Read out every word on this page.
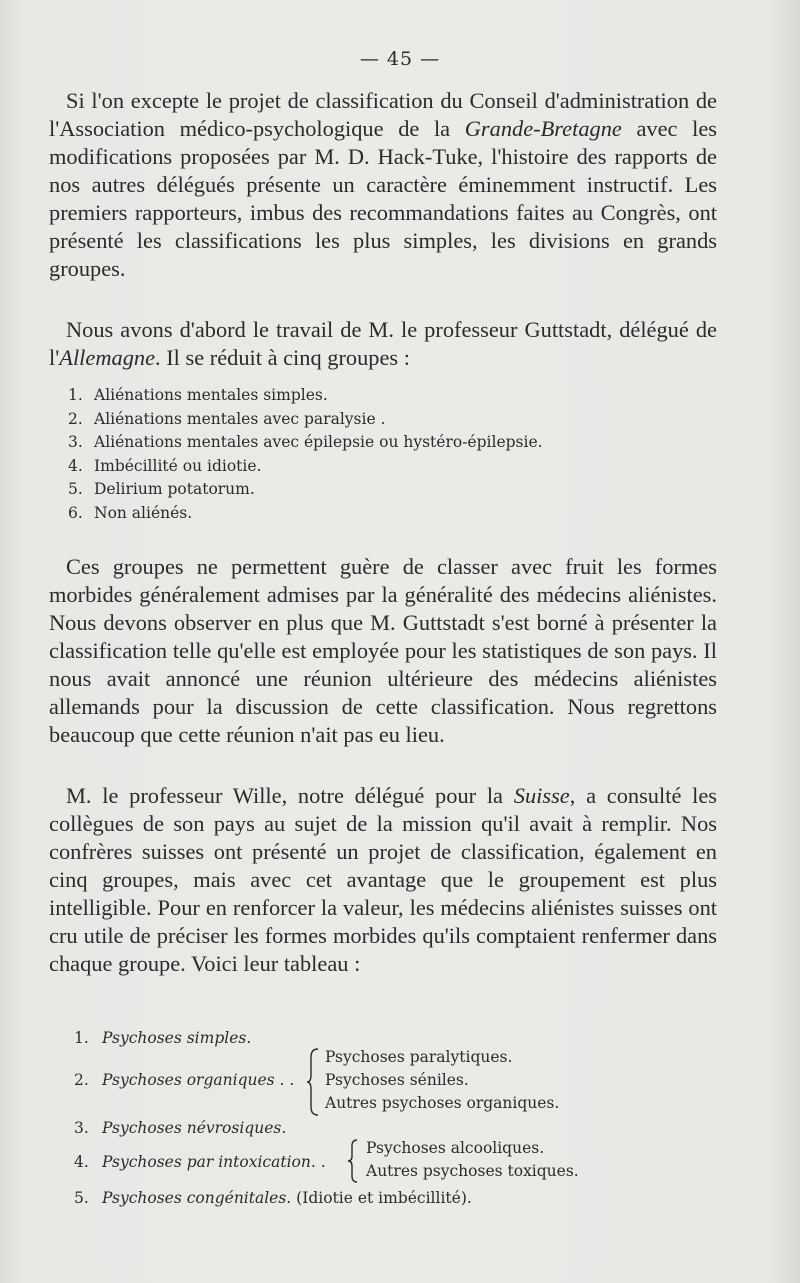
— 45 —

Si l'on excepte le projet de classification du Conseil d'administration de l'Association médico-psychologique de la Grande-Bretagne avec les modifications proposées par M. D. Hack-Tuke, l'histoire des rapports de nos autres délégués présente un caractère éminemment instructif. Les premiers rapporteurs, imbus des recommandations faites au Congrès, ont présenté les classifications les plus simples, les divisions en grands groupes.

Nous avons d'abord le travail de M. le professeur Guttstadt, délégué de l'Allemagne. Il se réduit à cinq groupes :

1. Aliénations mentales simples.
2. Aliénations mentales avec paralysie .
3. Aliénations mentales avec épilepsie ou hystéro-épilepsie.
4. Imbécillité ou idiotie.
5. Delirium potatorum.
6. Non aliénés.

Ces groupes ne permettent guère de classer avec fruit les formes morbides généralement admises par la généralité des médecins aliénistes. Nous devons observer en plus que M. Guttstadt s'est borné à présenter la classification telle qu'elle est employée pour les statistiques de son pays. Il nous avait annoncé une réunion ultérieure des médecins aliénistes allemands pour la discussion de cette classification. Nous regrettons beaucoup que cette réunion n'ait pas eu lieu.

M. le professeur Wille, notre délégué pour la Suisse, a consulté les collègues de son pays au sujet de la mission qu'il avait à remplir. Nos confrères suisses ont présenté un projet de classification, également en cinq groupes, mais avec cet avantage que le groupement est plus intelligible. Pour en renforcer la valeur, les médecins aliénistes suisses ont cru utile de préciser les formes morbides qu'ils comptaient renfermer dans chaque groupe. Voici leur tableau :

1. Psychoses simples.
2. Psychoses organiques . .
Psychoses paralytiques.
Psychoses séniles.
Autres psychoses organiques.
3. Psychoses névrosiques.
4. Psychoses par intoxication. .
Psychoses alcooliques.
Autres psychoses toxiques.
5. Psychoses congénitales. (Idiotie et imbécillité).
